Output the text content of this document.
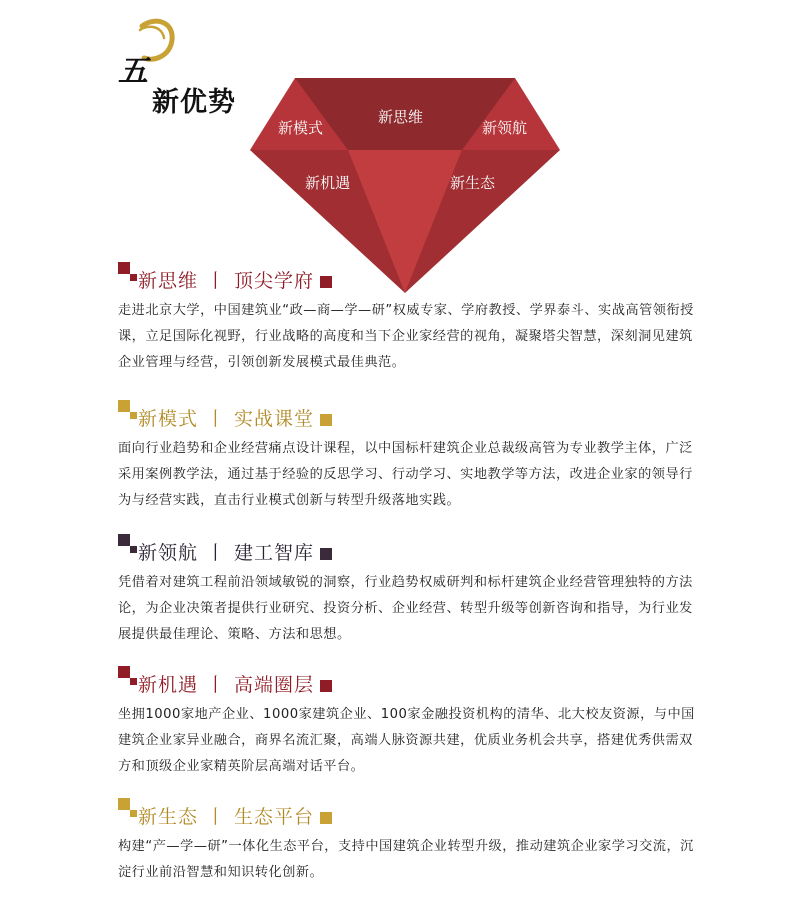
五
新优势
新模式
新思维
新领航
新机遇	新生态
新思维 丨 顶尖学府
走进北京大学，中国建筑业“政—商—学—研”权威专家、学府教授、学界泰斗、实战高管领衔授课，立足国际化视野，行业战略的高度和当下企业家经营的视角，凝聚塔尖智慧，深刻洞见建筑企业管理与经营，引领创新发展模式最佳典范。
新模式 丨 实战课堂
面向行业趋势和企业经营痛点设计课程，以中国标杆建筑企业总裁级高管为专业教学主体，广泛采用案例教学法，通过基于经验的反思学习、行动学习、实地教学等方法，改进企业家的领导行为与经营实践，直击行业模式创新与转型升级落地实践。
新领航 丨 建工智库
凭借着对建筑工程前沿领域敏锐的洞察，行业趋势权威研判和标杆建筑企业经营管理独特的方法论，为企业决策者提供行业研究、投资分析、企业经营、转型升级等创新咨询和指导，为行业发展提供最佳理论、策略、方法和思想。
新机遇 丨 高端圈层
坐拥1000家地产企业、1000家建筑企业、100家金融投资机构的清华、北大校友资源，与中国建筑企业家异业融合，商界名流汇聚，高端人脉资源共建，优质业务机会共享，搭建优秀供需双方和顶级企业家精英阶层高端对话平台。
新生态 丨 生态平台
构建“产—学—研”一体化生态平台，支持中国建筑企业转型升级，推动建筑企业家学习交流，沉淀行业前沿智慧和知识转化创新。
